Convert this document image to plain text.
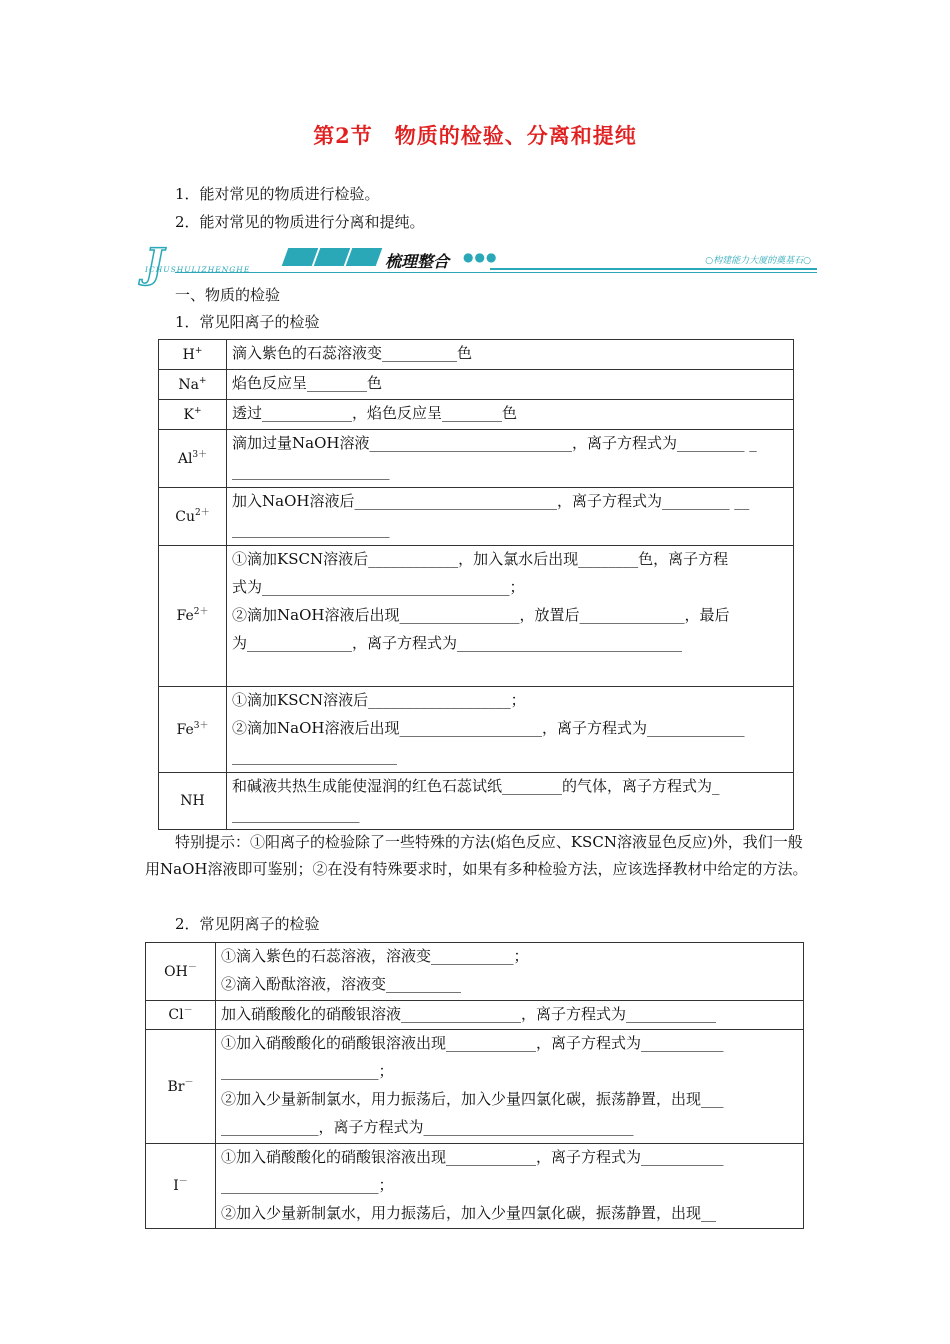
第2节　物质的检验、分离和提纯
1．能对常见的物质进行检验。
2．能对常见的物质进行分离和提纯。
J	梳理整合 ●●●
ICHUSHULIZHENGHE
○构建能力大厦的奠基石○
一、物质的检验
1．常见阳离子的检验
H+	滴入紫色的石蕊溶液变__________色

Na+	焰色反应呈________色

K+	透过____________，焰色反应呈________色

$Al^{3+}$	滴加过量NaOH溶液___________________________，离子方程式为_________ _
_____________________

$Cu^{2+}$	加入NaOH溶液后___________________________，离子方程式为_________ __
_____________________

$Fe^{2+}$	①滴加KSCN溶液后____________，加入氯水后出现________色，离子方程
式为_________________________________；
②滴加NaOH溶液后出现________________，放置后______________，最后
为______________，离子方程式为______________________________

$Fe^{3+}$	①滴加KSCN溶液后___________________；
②滴加NaOH溶液后出现___________________，离子方程式为_____________
______________________

NH	和碱液共热生成能使湿润的红色石蕊试纸________的气体，离子方程式为_
_________________
特别提示：①阳离子的检验除了一些特殊的方法(焰色反应、KSCN溶液显色反应)外，我们一般用NaOH溶液即可鉴别；②在没有特殊要求时，如果有多种检验方法，应该选择教材中给定的方法。
2．常见阴离子的检验
OH－	①滴入紫色的石蕊溶液，溶液变___________；
②滴入酚酞溶液，溶液变__________

Cl－	加入硝酸酸化的硝酸银溶液________________，离子方程式为____________

Br－	①加入硝酸酸化的硝酸银溶液出现____________，离子方程式为___________
_____________________；
②加入少量新制氯水，用力振荡后，加入少量四氯化碳，振荡静置，出现___
_____________，离子方程式为____________________________

I－	①加入硝酸酸化的硝酸银溶液出现____________，离子方程式为___________
_____________________；
②加入少量新制氯水，用力振荡后，加入少量四氯化碳，振荡静置，出现__
